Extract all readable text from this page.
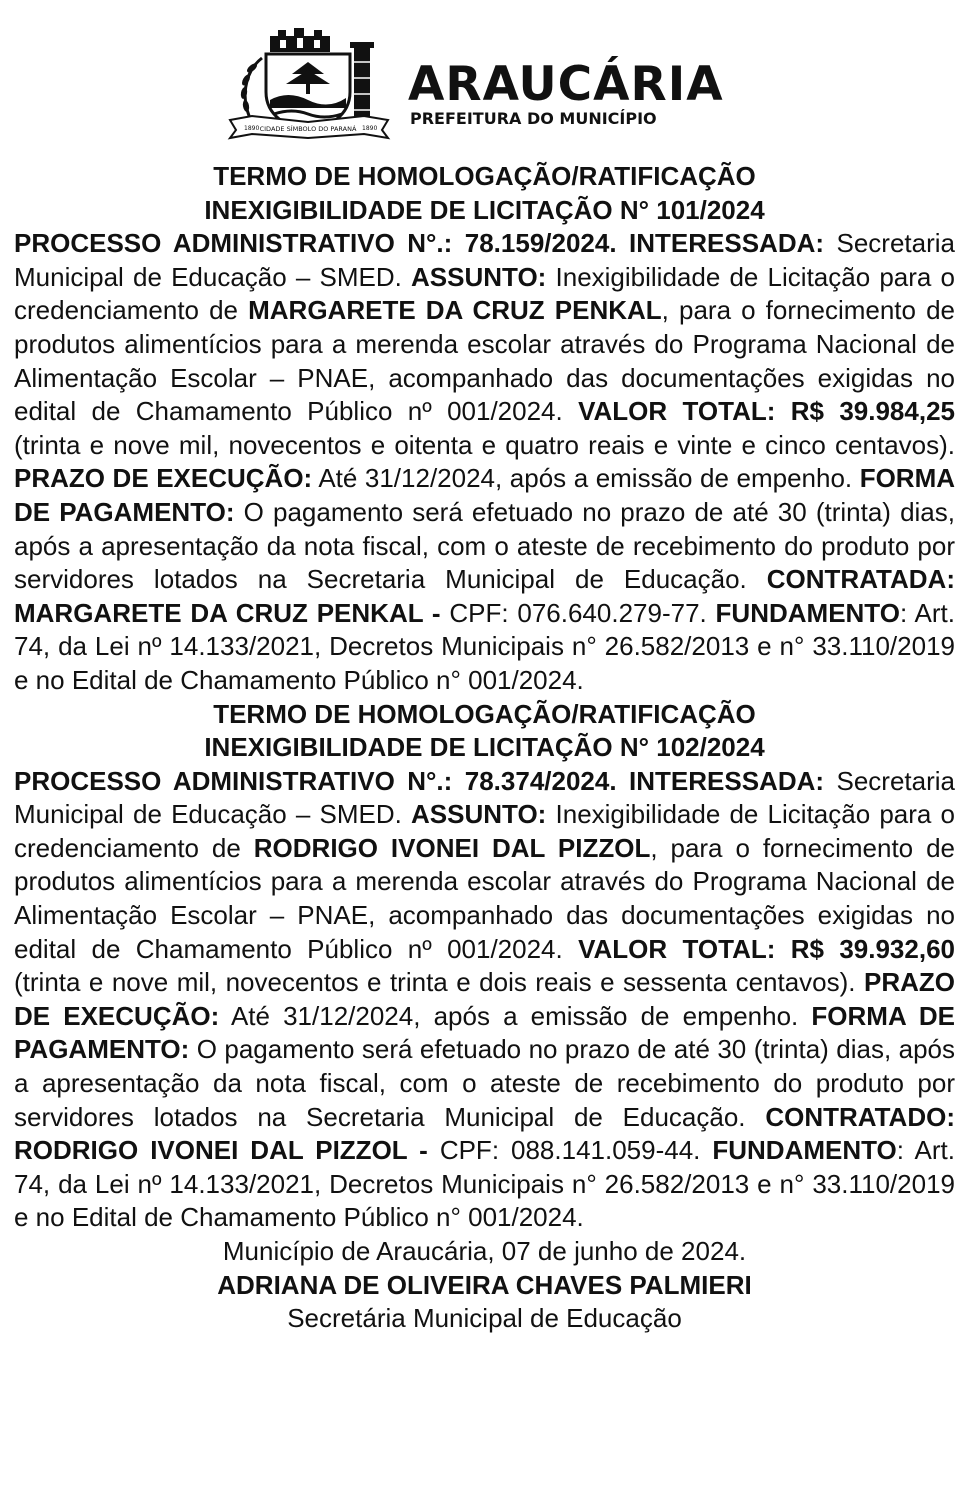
1890 CIDADE SÍMBOLO DO PARANÁ 1890
ARAUCÁRIA
PREFEITURA DO MUNICÍPIO

TERMO DE HOMOLOGAÇÃO/RATIFICAÇÃO

INEXIGIBILIDADE DE LICITAÇÃO N° 101/2024

PROCESSO ADMINISTRATIVO N°.: 78.159/2024. INTERESSADA: Secretaria Municipal de Educação – SMED. ASSUNTO: Inexigibilidade de Licitação para o credenciamento de MARGARETE DA CRUZ PENKAL, para o fornecimento de produtos alimentícios para a merenda escolar através do Programa Nacional de Alimentação Escolar – PNAE, acompanhado das documentações exigidas no edital de Chamamento Público nº 001/2024. VALOR TOTAL: R$ 39.984,25 (trinta e nove mil, novecentos e oitenta e quatro reais e vinte e cinco centavos). PRAZO DE EXECUÇÃO: Até 31/12/2024, após a emissão de empenho. FORMA DE PAGAMENTO: O pagamento será efetuado no prazo de até 30 (trinta) dias, após a apresentação da nota fiscal, com o ateste de recebimento do produto por servidores lotados na Secretaria Municipal de Educação. CONTRATADA: MARGARETE DA CRUZ PENKAL - CPF: 076.640.279-77. FUNDAMENTO: Art. 74, da Lei nº 14.133/2021, Decretos Municipais n° 26.582/2013 e n° 33.110/2019 e no Edital de Chamamento Público n° 001/2024.

TERMO DE HOMOLOGAÇÃO/RATIFICAÇÃO

INEXIGIBILIDADE DE LICITAÇÃO N° 102/2024

PROCESSO ADMINISTRATIVO N°.: 78.374/2024. INTERESSADA: Secretaria Municipal de Educação – SMED. ASSUNTO: Inexigibilidade de Licitação para o credenciamento de RODRIGO IVONEI DAL PIZZOL, para o fornecimento de produtos alimentícios para a merenda escolar através do Programa Nacional de Alimentação Escolar – PNAE, acompanhado das documentações exigidas no edital de Chamamento Público nº 001/2024. VALOR TOTAL: R$ 39.932,60 (trinta e nove mil, novecentos e trinta e dois reais e sessenta centavos). PRAZO DE EXECUÇÃO: Até 31/12/2024, após a emissão de empenho. FORMA DE PAGAMENTO: O pagamento será efetuado no prazo de até 30 (trinta) dias, após a apresentação da nota fiscal, com o ateste de recebimento do produto por servidores lotados na Secretaria Municipal de Educação. CONTRATADO: RODRIGO IVONEI DAL PIZZOL - CPF: 088.141.059-44. FUNDAMENTO: Art. 74, da Lei nº 14.133/2021, Decretos Municipais n° 26.582/2013 e n° 33.110/2019 e no Edital de Chamamento Público n° 001/2024.

Município de Araucária, 07 de junho de 2024.

ADRIANA DE OLIVEIRA CHAVES PALMIERI

Secretária Municipal de Educação
